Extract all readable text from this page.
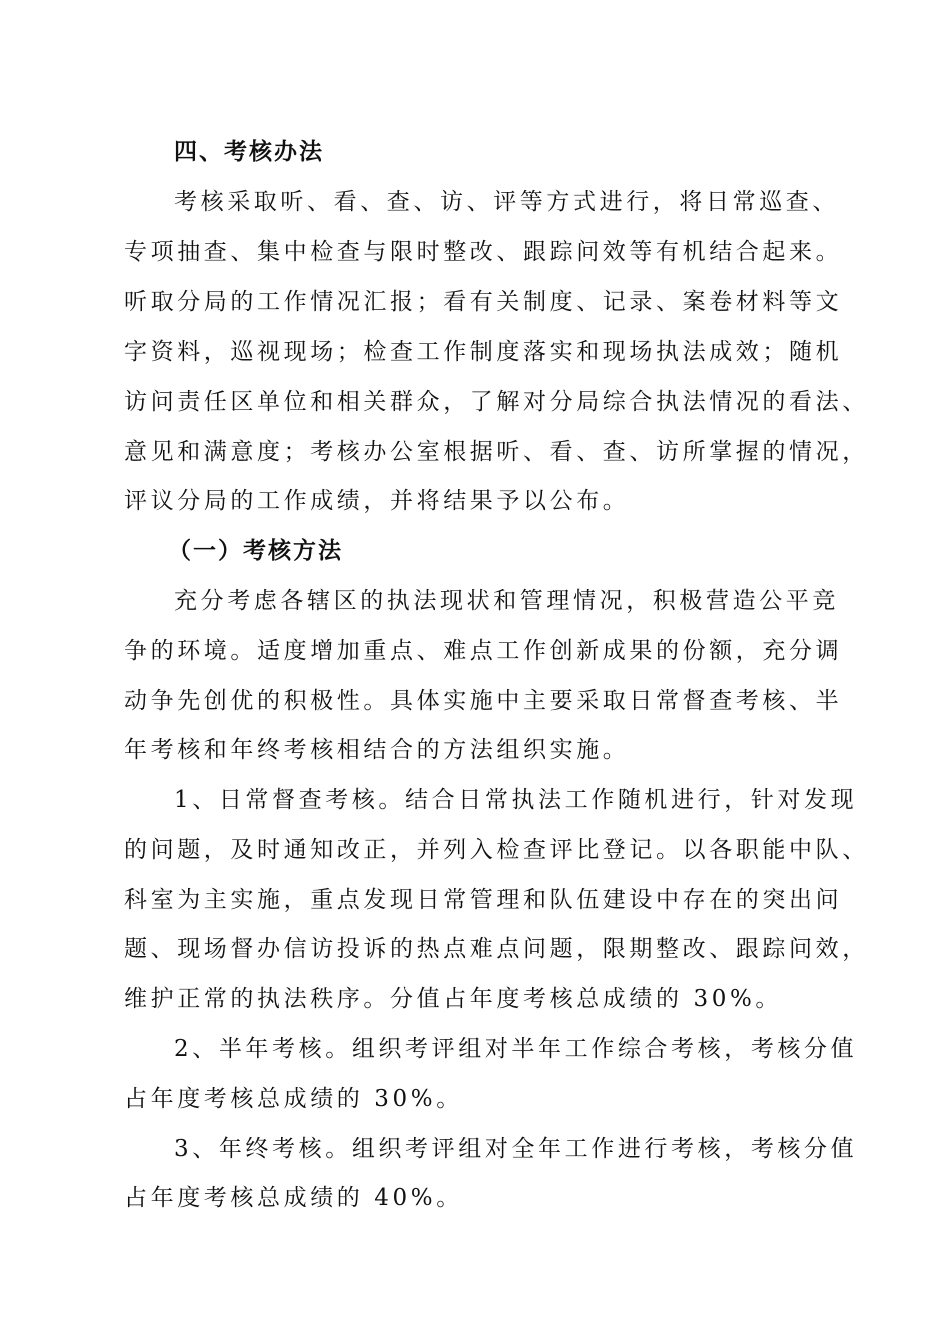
四、考核办法
考核采取听、看、查、访、评等方式进行，将日常巡查、
专项抽查、集中检查与限时整改、跟踪问效等有机结合起来。
听取分局的工作情况汇报；看有关制度、记录、案卷材料等文
字资料，巡视现场；检查工作制度落实和现场执法成效；随机
访问责任区单位和相关群众，了解对分局综合执法情况的看法、
意见和满意度；考核办公室根据听、看、查、访所掌握的情况，
评议分局的工作成绩，并将结果予以公布。
（一）考核方法
充分考虑各辖区的执法现状和管理情况，积极营造公平竞
争的环境。适度增加重点、难点工作创新成果的份额，充分调
动争先创优的积极性。具体实施中主要采取日常督查考核、半
年考核和年终考核相结合的方法组织实施。
1、日常督查考核。结合日常执法工作随机进行，针对发现
的问题，及时通知改正，并列入检查评比登记。以各职能中队、
科室为主实施，重点发现日常管理和队伍建设中存在的突出问
题、现场督办信访投诉的热点难点问题，限期整改、跟踪问效，
维护正常的执法秩序。分值占年度考核总成绩的 30%。
2、半年考核。组织考评组对半年工作综合考核，考核分值
占年度考核总成绩的 30%。
3、年终考核。组织考评组对全年工作进行考核，考核分值
占年度考核总成绩的 40%。
